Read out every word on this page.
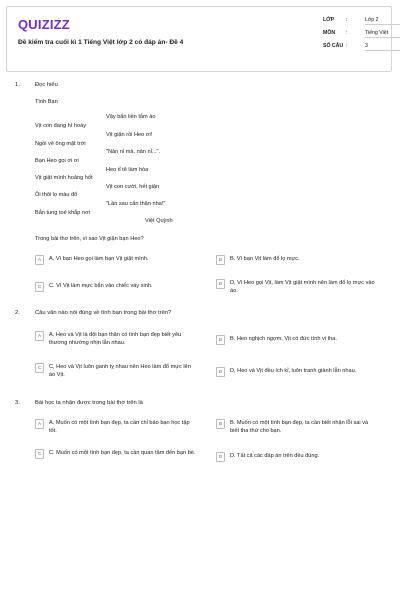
QUIZIZZ
Đề kiểm tra cuối kì 1 Tiếng Việt lớp 2 có đáp án- Đề 4
LỚP :	Lớp 2
MÔN :	Tiếng Việt
SỐ CÂU :	3
1.	Đọc hiểu
Tình Bạn
Vậy bẩn liền tắm ào
Vịt con đang hì hoáy
Vịt giận rồi Heo ơi!
Ngồi vẽ ông mặt trời
"Nản nỉ mà, nản nỉ...".
Bạn Heo gọi ơi ơi
Heo tỉ tê làm hòa
Vịt giật mình hoảng hốt
Vịt con cười, hết giận
Ôi thôi lọ màu đổ
"Lần sau cẩn thận nha!"
Bắn tung toé khắp nơi
Việt Quỳnh
Trong bài thơ trên, vì sao Vịt giận bạn Heo?
A	A. Vì bạn Heo gọi làm bạn Vịt giật mình.	B	B. Vì bạn Vịt làm đổ lọ mực.
C	C. Vì Vịt làm mực bắn vào chiếc váy xinh.	D	D, Vì Heo gọi Vịt, làm Vịt giật mình nên làm đổ lọ mực vào áo.
2.	Câu văn nào nói đúng về tình bạn trong bài thơ trên?
A	A. Heo và Vịt là đôi bạn thân có tình bạn đẹp biết yêu thương nhường nhịn lẫn nhau.
B	B. Heo nghịch ngợm, Vịt có đức tính vị tha.
C	C, Heo và Vịt luôn ganh tỵ nhau nên Heo làm đổ mực lên áo Vịt.
D	D, Heo và Vịt đều ích kỉ, luôn tranh giành lẫn nhau.
3.	Bài học ta nhận được trong bài thơ trên là
A	A. Muốn có một tình bạn đẹp, ta cần chỉ bảo bạn học tập tốt.
B	B. Muốn có một tình bạn đẹp, ta cần biết nhận lỗi sai và biết tha thứ cho bạn.
C	C. Muốn có một tình bạn đẹp, ta cần quan tâm đến bạn bè.
D	D. Tất cả các đáp án trên đều đúng.
